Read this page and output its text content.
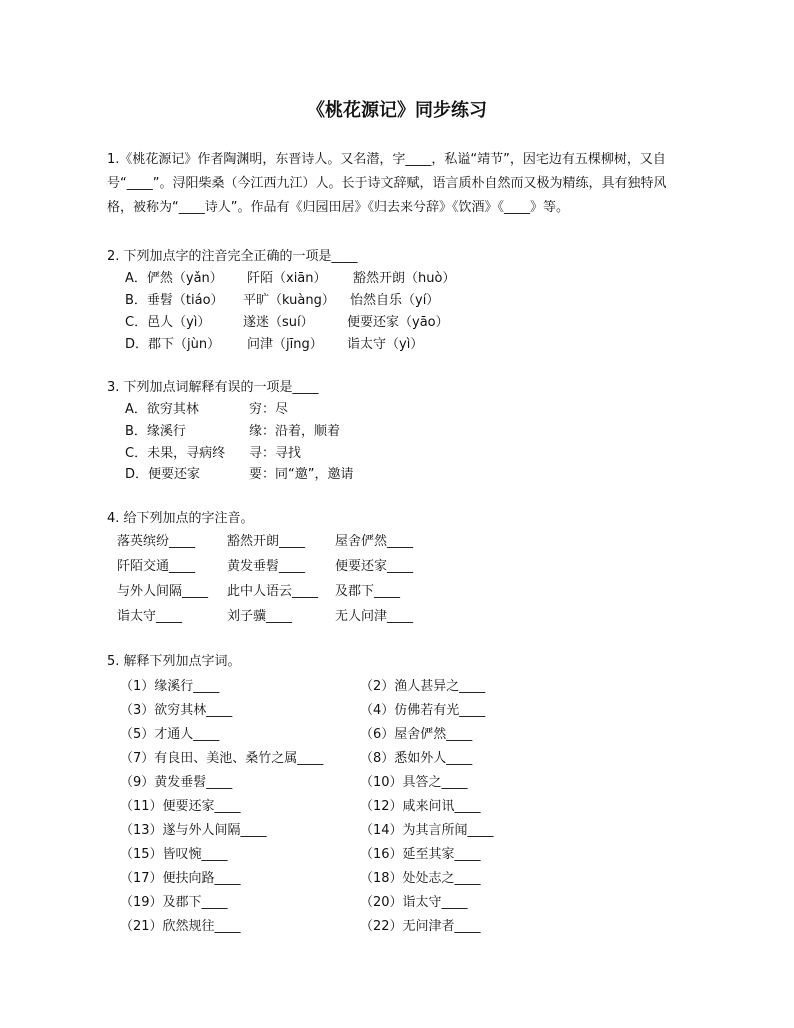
《桃花源记》同步练习
1.《桃花源记》作者陶渊明，东晋诗人。又名潜，字____，私谥“靖节”，因宅边有五棵柳树，又自
号“____”。浔阳柴桑（今江西九江）人。长于诗文辞赋，语言质朴自然而又极为精练，具有独特风
格，被称为“____诗人”。作品有《归园田居》《归去来兮辞》《饮酒》《____》等。
2. 下列加点字的注音完全正确的一项是____
A．俨然（yǎn） 阡陌（xiān） 豁然开朗（huò）
B．垂髫（tiáo） 平旷（kuàng） 怡然自乐（yí）
C．邑人（yì）	遂迷（suí）	便要还家（yāo）
D．郡下（jùn） 问津（jīng） 诣太守（yì）
3. 下列加点词解释有误的一项是____
A．欲穷其林	穷：尽
B．缘溪行	缘：沿着，顺着
C．未果，寻病终 寻：寻找
D．便要还家	要：同“邀”，邀请
4. 给下列加点的字注音。
落英缤纷____ 豁然开朗____ 屋舍俨然____
阡陌交通____ 黄发垂髫____ 便要还家____
与外人间隔____ 此中人语云____ 及郡下____
诣太守____	刘子骥____	无人问津____
5. 解释下列加点字词。
（1）缘溪行____	（2）渔人甚异之____
（3）欲穷其林____	（4）仿佛若有光____
（5）才通人____	（6）屋舍俨然____
（7）有良田、美池、桑竹之属____	（8）悉如外人____
（9）黄发垂髫____	（10）具答之____
（11）便要还家____	（12）咸来问讯____
（13）遂与外人间隔____	（14）为其言所闻____
（15）皆叹惋____	（16）延至其家____
（17）便扶向路____	（18）处处志之____
（19）及郡下____	（20）诣太守____
（21）欣然规往____	（22）无问津者____
